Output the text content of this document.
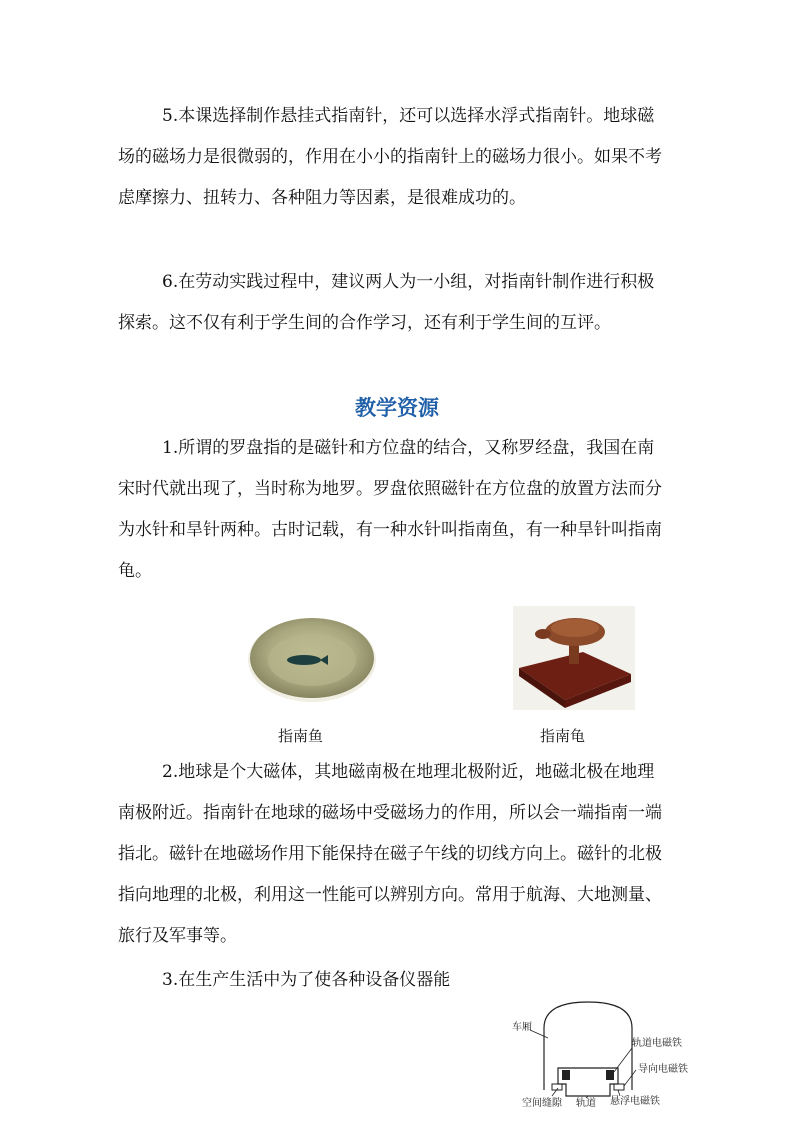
5.本课选择制作悬挂式指南针，还可以选择水浮式指南针。地球磁场的磁场力是很微弱的，作用在小小的指南针上的磁场力很小。如果不考虑摩擦力、扭转力、各种阻力等因素，是很难成功的。

6.在劳动实践过程中，建议两人为一小组，对指南针制作进行积极探索。这不仅有利于学生间的合作学习，还有利于学生间的互评。

教学资源

1.所谓的罗盘指的是磁针和方位盘的结合，又称罗经盘，我国在南宋时代就出现了，当时称为地罗。罗盘依照磁针在方位盘的放置方法而分为水针和旱针两种。古时记载，有一种水针叫指南鱼，有一种旱针叫指南龟。

指南鱼	指南龟

2.地球是个大磁体，其地磁南极在地理北极附近，地磁北极在地理南极附近。指南针在地球的磁场中受磁场力的作用，所以会一端指南一端指北。磁针在地磁场作用下能保持在磁子午线的切线方向上。磁针的北极指向地理的北极，利用这一性能可以辨别方向。常用于航海、大地测量、旅行及军事等。

3.在生产生活中为了使各种设备仪器能

车厢
轨道电磁铁
导向电磁铁
空间缝隙 轨道 悬浮电磁铁
